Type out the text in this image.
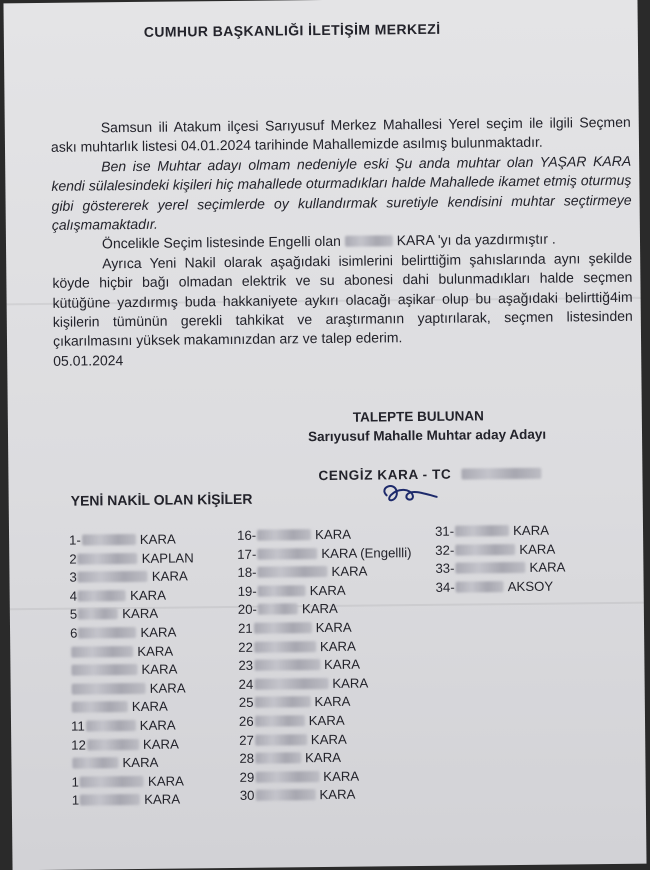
CUMHUR BAŞKANLIĞI İLETİŞİM MERKEZİ

Samsun ili Atakum ilçesi Sarıyusuf Merkez Mahallesi Yerel seçim ile ilgili Seçmen askı muhtarlık listesi 04.01.2024 tarihinde Mahallemizde asılmış bulunmaktadır.

Ben ise Muhtar adayı olmam nedeniyle eski Şu anda muhtar olan YAŞAR KARA kendi sülalesindeki kişileri hiç mahallede oturmadıkları halde Mahallede ikamet etmiş oturmuş gibi göstererek yerel seçimlerde oy kullandırmak suretiyle kendisini muhtar seçtirmeye çalışmamaktadır.

Öncelikle Seçim listesinde Engelli olan	KARA 'yı da yazdırmıştır .

Ayrıca Yeni Nakil olarak aşağıdaki isimlerini belirttiğim şahıslarında aynı şekilde köyde hiçbir bağı olmadan elektrik ve su abonesi dahi bulunmadıkları halde seçmen kütüğüne yazdırmış buda hakkaniyete aykırı olacağı aşikar olup bu aşağıdaki belirttiğ4im kişilerin tümünün gerekli tahkikat ve araştırmanın yaptırılarak, seçmen listesinden çıkarılmasını yüksek makamınızdan arz ve talep ederim.

05.01.2024

TALEPTE BULUNAN
Sarıyusuf Mahalle Muhtar aday Adayı
CENGİZ KARA - TC
YENİ NAKİL OLAN KİŞİLER
1-	KARA
2	KAPLAN
3	KARA
4	KARA
5	KARA
6	KARA
KARA
KARA
KARA
KARA
11	KARA
12	KARA
KARA
1	KARA
1	KARA
16-	KARA
17-	KARA (Engellli)
18-	KARA
19-	KARA
20-	KARA
21	KARA
22	KARA
23	KARA
24	KARA
25	KARA
26	KARA
27	KARA
28	KARA
29	KARA
30	KARA
31-	KARA
32-	KARA
33-	KARA
34-	AKSOY
